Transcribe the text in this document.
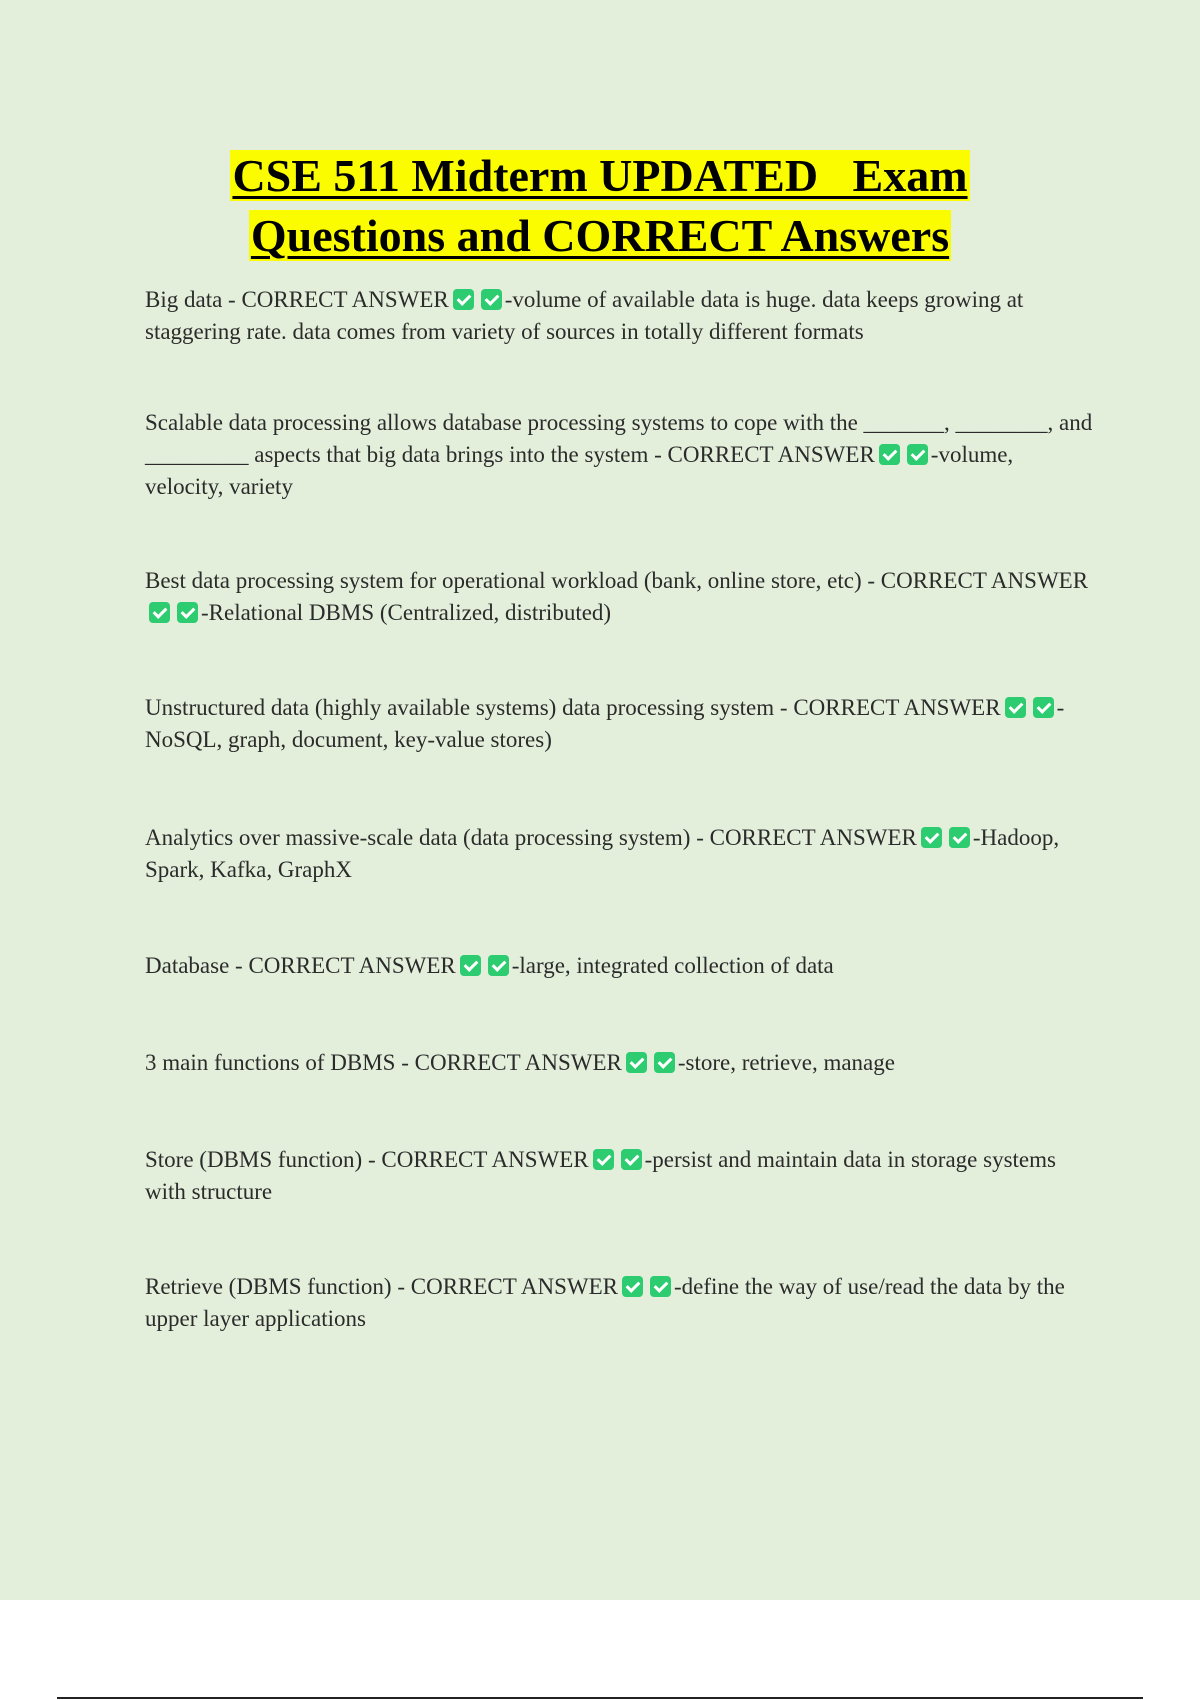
CSE 511 Midterm UPDATED   Exam
Questions and CORRECT Answers
Big data - CORRECT ANSWER -volume of available data is huge. data keeps growing at staggering rate. data comes from variety of sources in totally different formats
Scalable data processing allows database processing systems to cope with the _______, ________, and _________ aspects that big data brings into the system - CORRECT ANSWER -volume, velocity, variety
Best data processing system for operational workload (bank, online store, etc) - CORRECT ANSWER-Relational DBMS (Centralized, distributed)
Unstructured data (highly available systems) data processing system - CORRECT ANSWER -NoSQL, graph, document, key-value stores)
Analytics over massive-scale data (data processing system) - CORRECT ANSWER -Hadoop, Spark, Kafka, GraphX
Database - CORRECT ANSWER -large, integrated collection of data
3 main functions of DBMS - CORRECT ANSWER -store, retrieve, manage
Store (DBMS function) - CORRECT ANSWER -persist and maintain data in storage systems with structure
Retrieve (DBMS function) - CORRECT ANSWER -define the way of use/read the data by the upper layer applications
